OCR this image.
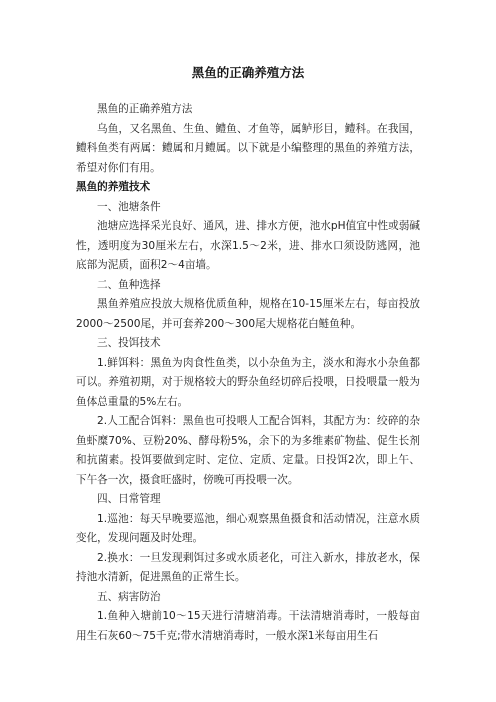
黑鱼的正确养殖方法

黑鱼的正确养殖方法

乌鱼，又名黑鱼、生鱼、鳢鱼、才鱼等，属鲈形目，鳢科。在我国，鳢科鱼类有两属：鳢属和月鳢属。以下就是小编整理的黑鱼的养殖方法，希望对你们有用。

黑鱼的养殖技术

一、池塘条件

池塘应选择采光良好、通风，进、排水方便，池水pH值宜中性或弱碱性，透明度为30厘米左右，水深1.5～2米，进、排水口须设防逃网，池底部为泥质，面积2～4亩墙。

二、鱼种选择

黑鱼养殖应投放大规格优质鱼种，规格在10-15厘米左右，每亩投放2000～2500尾，并可套养200～300尾大规格花白鲢鱼种。

三、投饵技术

1.鲜饵料：黑鱼为肉食性鱼类，以小杂鱼为主，淡水和海水小杂鱼都可以。养殖初期，对于规格较大的野杂鱼经切碎后投喂，日投喂量一般为鱼体总重量的5%左右。

2.人工配合饵料：黑鱼也可投喂人工配合饵料，其配方为：绞碎的杂鱼虾糜70%、豆粉20%、酵母粉5%，余下的为多维素矿物盐、促生长剂和抗菌素。投饵要做到定时、定位、定质、定量。日投饵2次，即上午、下午各一次，摄食旺盛时，傍晚可再投喂一次。

四、日常管理

1.巡池：每天早晚要巡池，细心观察黑鱼摄食和活动情况，注意水质变化，发现问题及时处理。

2.换水：一旦发现剩饵过多或水质老化，可注入新水，排放老水，保持池水清新，促进黑鱼的正常生长。

五、病害防治

1.鱼种入塘前10～15天进行清塘消毒。干法清塘消毒时，一般每亩用生石灰60～75千克;带水清塘消毒时，一般水深1米每亩用生石
